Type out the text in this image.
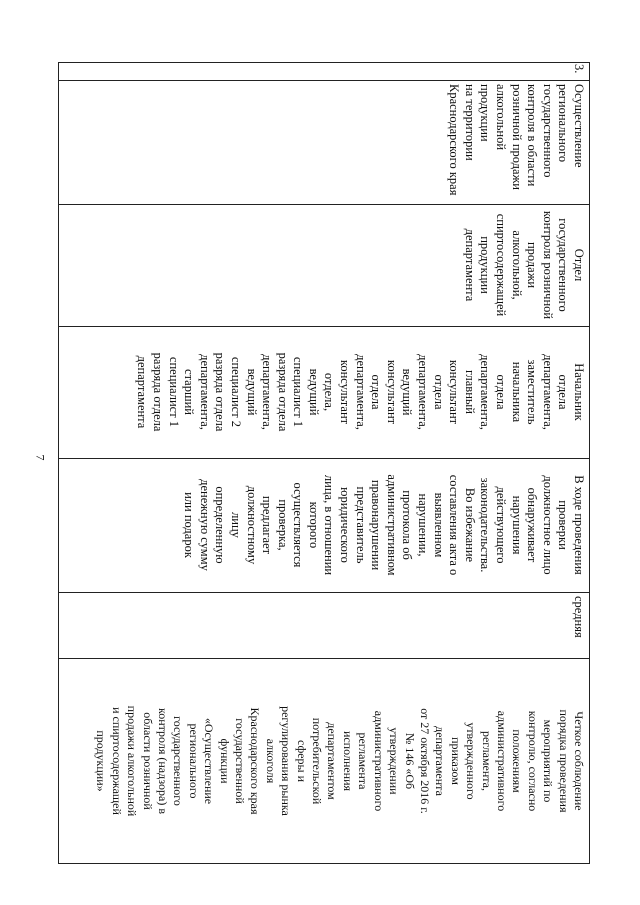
7
3.
Осуществление
регионального
государственного
контроля в области
розничной продажи
алкогольной продукции
на территории
Краснодарского края
Отдел
государственного
контроля розничной
продажи
алкогольной,
спиртосодержащей
продукции
департамента
Начальник
отдела
департамента,
заместитель
начальника
отдела
департамента,
главный
консультант
отдела
департамента,
ведущий
консультант
отдела
департамента,
консультант
отдела,
ведущий
специалист 1
разряда отдела
департамента,
ведущий
специалист 2
разряда отдела
департамента,
старший
специалист 1
разряда отдела
департамента
В ходе проведения
проверки
должностное лицо
обнаруживает
нарушения
действующего
законодательства.
Во избежание
составления акта о
выявленном
нарушении,
протокола об
административном
правонарушении
представитель
юридического
лица, в отношении
которого
осуществляется
проверка,
предлагает
должностному
лицу
определенную
денежную сумму
или подарок
средняя
Четкое соблюдение
порядка проведения
мероприятий по
контролю, согласно
положениям
административного
регламента,
утвержденного
приказом
департамента
от 27 октября 2016 г.
№ 146 «Об
утверждении
административного
регламента
исполнения
департаментом
потребительской
сферы и
регулирования рынка
алкоголя
Краснодарского края
государственной
функции
«Осуществление
регионального
государственного
контроля (надзора) в
области розничной
продажи алкогольной
и спиртосодержащей
продукции»
